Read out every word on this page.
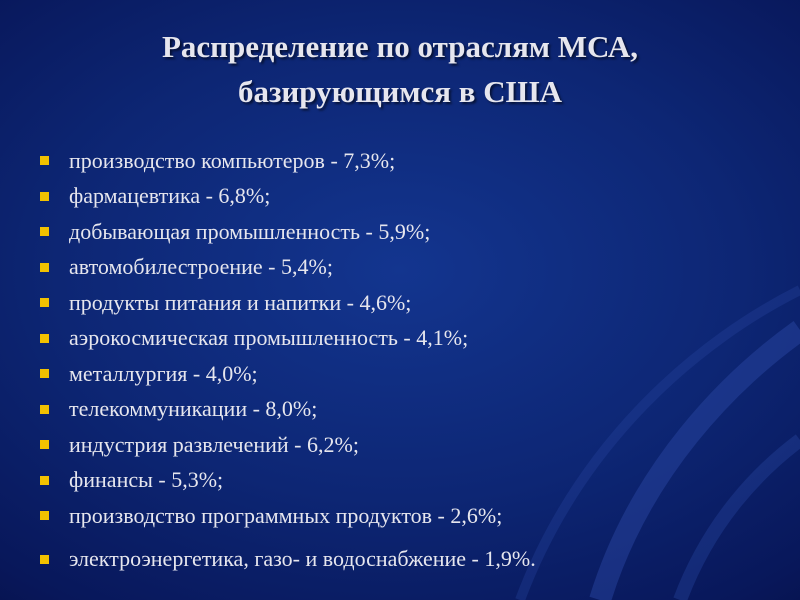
Распределение по отраслям МСА,
базирующимся в США
производство компьютеров - 7,3%;
фармацевтика - 6,8%;
добывающая промышленность - 5,9%;
автомобилестроение - 5,4%;
продукты питания и напитки - 4,6%;
аэрокосмическая промышленность - 4,1%;
металлургия - 4,0%;
телекоммуникации - 8,0%;
индустрия развлечений - 6,2%;
финансы - 5,3%;
производство программных продуктов - 2,6%;
электроэнергетика, газо- и водоснабжение - 1,9%.
